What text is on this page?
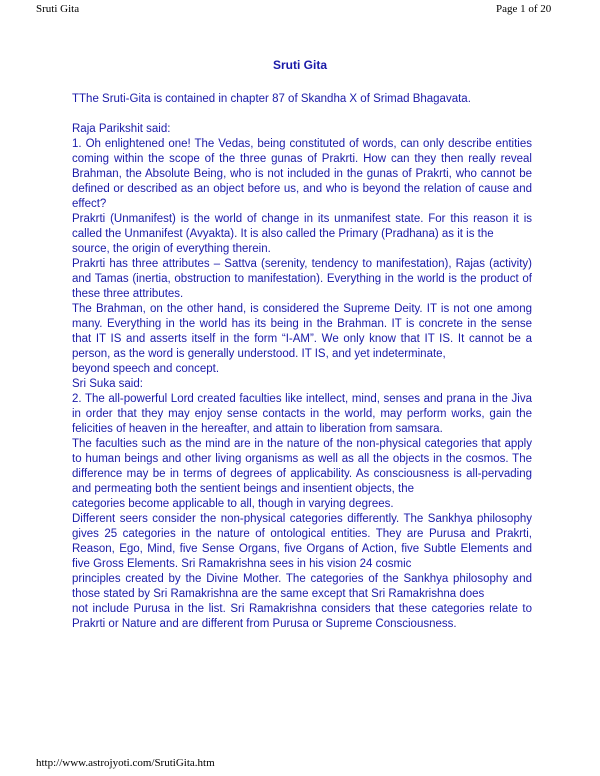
Sruti Gita	Page 1 of 20
Sruti Gita

TThe Sruti-Gita is contained in chapter 87 of Skandha X of Srimad Bhagavata.

Raja Parikshit said:

1. Oh enlightened one! The Vedas, being constituted of words, can only describe entities coming within the scope of the three gunas of Prakrti. How can they then really reveal Brahman, the Absolute Being, who is not included in the gunas of Prakrti, who cannot be defined or described as an object before us, and who is beyond the relation of cause and effect?

Prakrti (Unmanifest) is the world of change in its unmanifest state. For this reason it is called the Unmanifest (Avyakta). It is also called the Primary (Pradhana) as it is the

source, the origin of everything therein.

Prakrti has three attributes – Sattva (serenity, tendency to manifestation), Rajas (activity) and Tamas (inertia, obstruction to manifestation). Everything in the world is the product of these three attributes.

The Brahman, on the other hand, is considered the Supreme Deity. IT is not one among many. Everything in the world has its being in the Brahman. IT is concrete in the sense that IT IS and asserts itself in the form “I-AM”. We only know that IT IS. It cannot be a person, as the word is generally understood. IT IS, and yet indeterminate,

beyond speech and concept.

Sri Suka said:

2. The all-powerful Lord created faculties like intellect, mind, senses and prana in the Jiva in order that they may enjoy sense contacts in the world, may perform works, gain the felicities of heaven in the hereafter, and attain to liberation from samsara.

The faculties such as the mind are in the nature of the non-physical categories that apply to human beings and other living organisms as well as all the objects in the cosmos. The difference may be in terms of degrees of applicability. As consciousness is all-pervading and permeating both the sentient beings and insentient objects, the

categories become applicable to all, though in varying degrees.

Different seers consider the non-physical categories differently. The Sankhya philosophy gives 25 categories in the nature of ontological entities. They are Purusa and Prakrti, Reason, Ego, Mind, five Sense Organs, five Organs of Action, five Subtle Elements and five Gross Elements. Sri Ramakrishna sees in his vision 24 cosmic

principles created by the Divine Mother. The categories of the Sankhya philosophy and those stated by Sri Ramakrishna are the same except that Sri Ramakrishna does

not include Purusa in the list. Sri Ramakrishna considers that these categories relate to Prakrti or Nature and are different from Purusa or Supreme Consciousness.

http://www.astrojyoti.com/SrutiGita.htm
